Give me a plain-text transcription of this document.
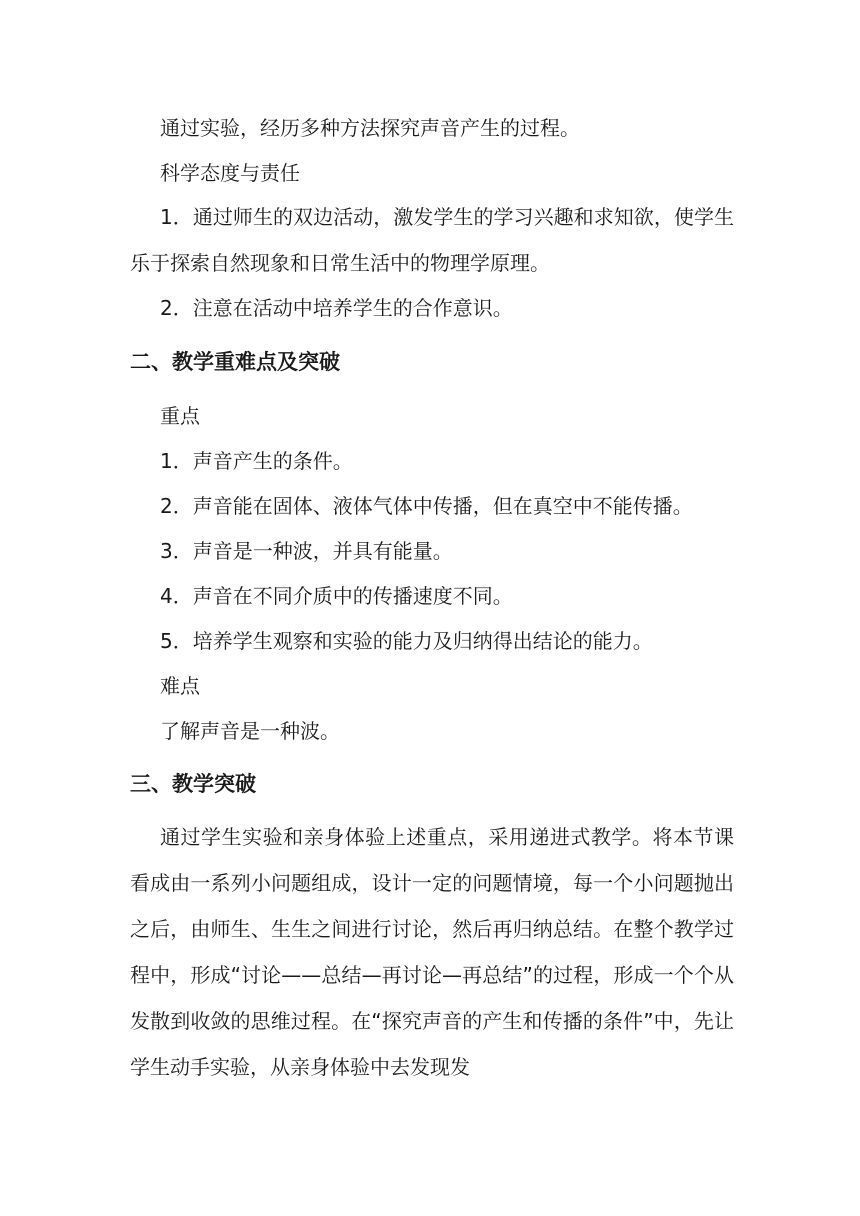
通过实验，经历多种方法探究声音产生的过程。
科学态度与责任

1．通过师生的双边活动，激发学生的学习兴趣和求知欲，使学生乐于探索自然现象和日常生活中的物理学原理。

2．注意在活动中培养学生的合作意识。
二、教学重难点及突破
重点
1．声音产生的条件。
2．声音能在固体、液体气体中传播，但在真空中不能传播。
3．声音是一种波，并具有能量。
4．声音在不同介质中的传播速度不同。
5．培养学生观察和实验的能力及归纳得出结论的能力。
难点
了解声音是一种波。
三、教学突破

通过学生实验和亲身体验上述重点，采用递进式教学。将本节课看成由一系列小问题组成，设计一定的问题情境，每一个小问题抛出之后，由师生、生生之间进行讨论，然后再归纳总结。在整个教学过程中，形成“讨论——总结—再讨论—再总结”的过程，形成一个个从发散到收敛的思维过程。在“探究声音的产生和传播的条件”中，先让学生动手实验，从亲身体验中去发现发
